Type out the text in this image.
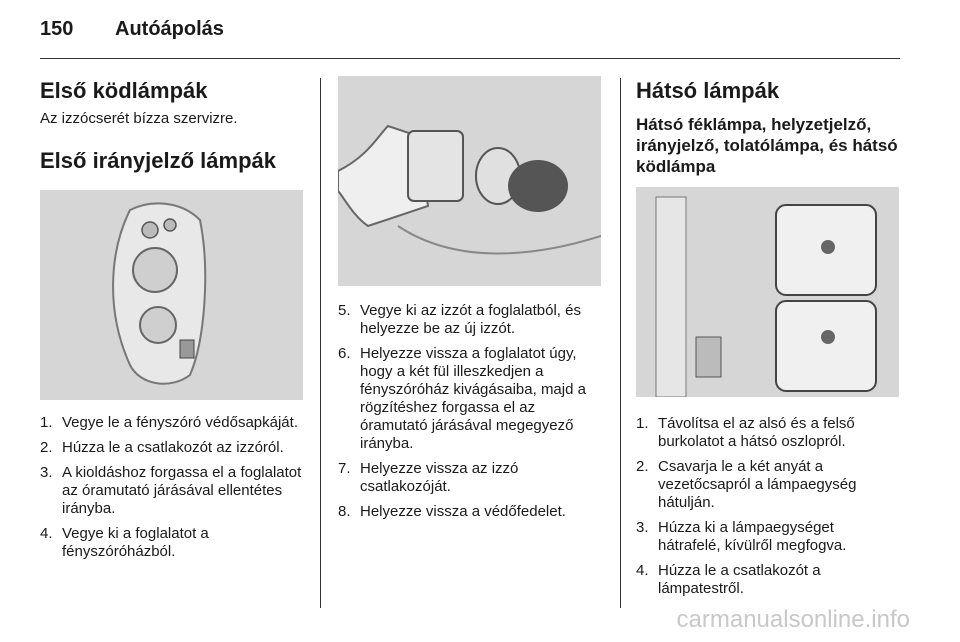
150 Autóápolás
Első ködlámpák

Az izzócserét bízza szervizre.

Első irányjelző lámpák
1. Vegye le a fényszóró védősapkáját.
2. Húzza le a csatlakozót az izzóról.
3. A kioldáshoz forgassa el a foglalatot az óramutató járásával ellentétes irányba.
4. Vegye ki a foglalatot a fényszóróházból.
5. Vegye ki az izzót a foglalatból, és helyezze be az új izzót.
6. Helyezze vissza a foglalatot úgy, hogy a két fül illeszkedjen a fényszóróház kivágásaiba, majd a rögzítéshez forgassa el az óramutató járásával megegyező irányba.
7. Helyezze vissza az izzó csatlakozóját.
8. Helyezze vissza a védőfedelet.
Hátsó lámpák
Hátsó féklámpa, helyzetjelző, irányjelző, tolatólámpa, és hátsó ködlámpa
1. Távolítsa el az alsó és a felső burkolatot a hátsó oszlopról.
2. Csavarja le a két anyát a vezetőcsapról a lámpaegység hátulján.
3. Húzza ki a lámpaegységet hátrafelé, kívülről megfogva.
4. Húzza le a csatlakozót a lámpatestről.
carmanualsonline.info
